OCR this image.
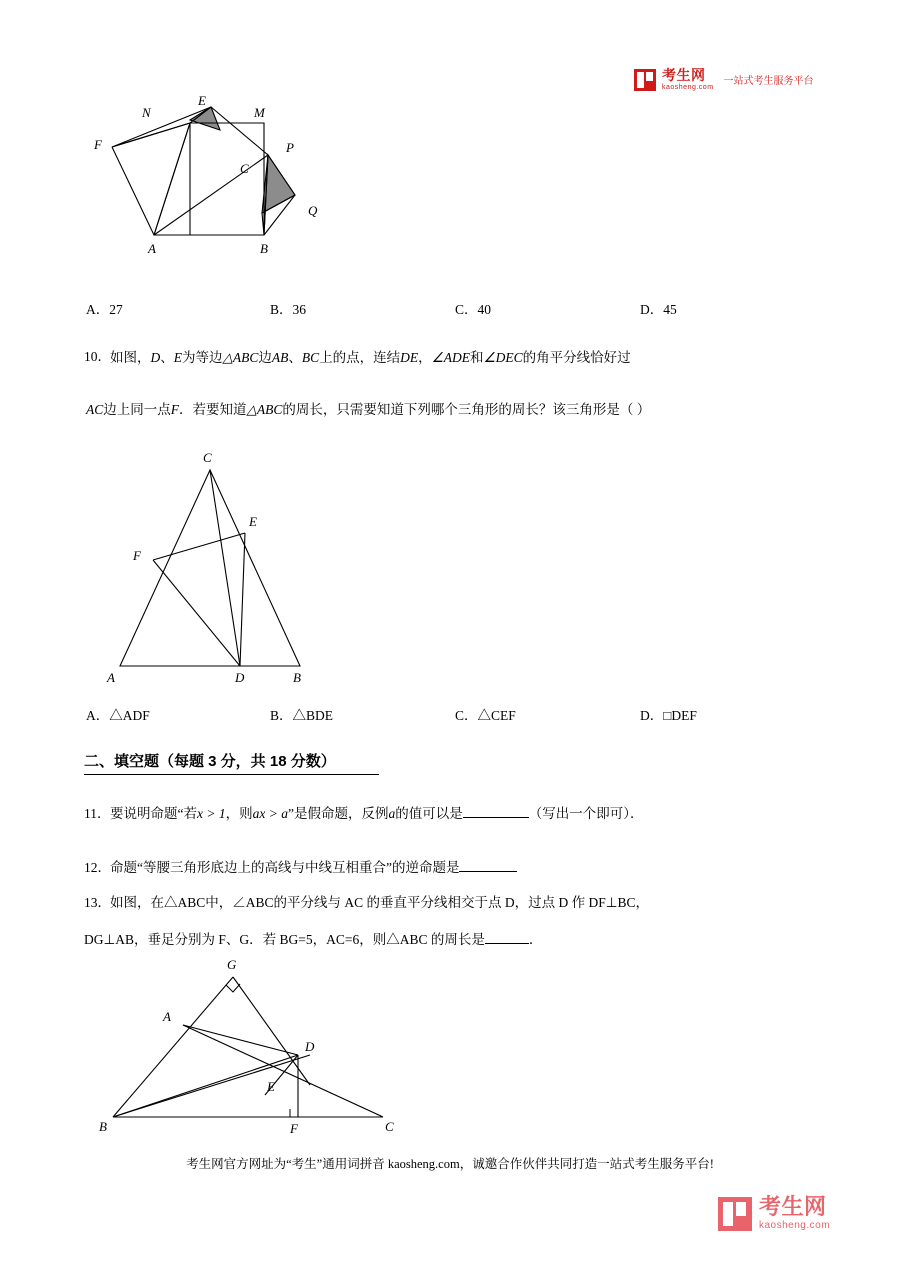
考生网
kaosheng.com
一站式考生服务平台
N
E
M
F	P
C
Q
A	B
A．27	B．36	C．40	D．45
10． 如图，D、E为等边△ABC边AB、BC上的点，连结DE，∠ADE和∠DEC的角平分线恰好过
AC边上同一点F．若要知道△ABC的周长，只需要知道下列哪个三角形的周长？该三角形是（ ）
C
E
F
A	D	B
A．△ADF	B．△BDE	C．△CEF	D．□DEF
二、填空题（每题 3 分，共 18 分数）
11． 要说明命题“若x > 1，则ax > a”是假命题，反例a的值可以是	（写出一个即可）．
12． 命题“等腰三角形底边上的高线与中线互相重合”的逆命题是
13． 如图，在△ABC中，∠ABC的平分线与 AC 的垂直平分线相交于点 D，过点 D 作 DF⊥BC，
DG⊥AB，垂足分别为 F、G．若 BG=5，AC=6，则△ABC 的周长是	．
G
A
D
E
B	F	C
考生网官方网址为“考生”通用词拼音 kaosheng.com，诚邀合作伙伴共同打造一站式考生服务平台!
考生网
kaosheng.com
